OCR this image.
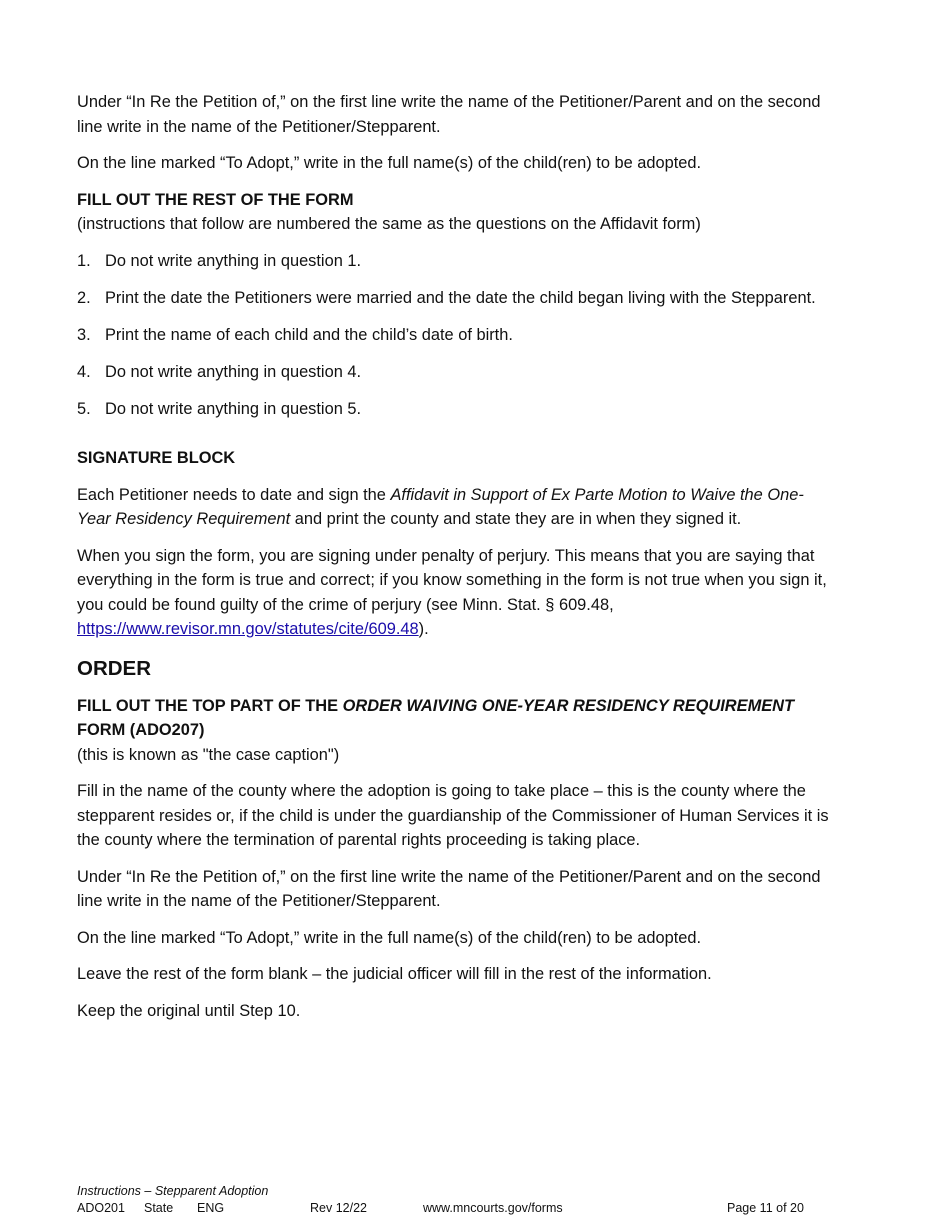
Under “In Re the Petition of,” on the first line write the name of the Petitioner/Parent and on the second line write in the name of the Petitioner/Stepparent.

On the line marked “To Adopt,” write in the full name(s) of the child(ren) to be adopted.

FILL OUT THE REST OF THE FORM

(instructions that follow are numbered the same as the questions on the Affidavit form)

1. Do not write anything in question 1.
2. Print the date the Petitioners were married and the date the child began living with the Stepparent.
3. Print the name of each child and the child’s date of birth.
4. Do not write anything in question 4.
5. Do not write anything in question 5.

SIGNATURE BLOCK

Each Petitioner needs to date and sign the Affidavit in Support of Ex Parte Motion to Waive the One-Year Residency Requirement and print the county and state they are in when they signed it.

When you sign the form, you are signing under penalty of perjury. This means that you are saying that everything in the form is true and correct; if you know something in the form is not true when you sign it, you could be found guilty of the crime of perjury (see Minn. Stat. § 609.48, https://www.revisor.mn.gov/statutes/cite/609.48).

ORDER

FILL OUT THE TOP PART OF THE ORDER WAIVING ONE-YEAR RESIDENCY REQUIREMENT FORM (ADO207)

(this is known as "the case caption")

Fill in the name of the county where the adoption is going to take place – this is the county where the stepparent resides or, if the child is under the guardianship of the Commissioner of Human Services it is the county where the termination of parental rights proceeding is taking place.

Under “In Re the Petition of,” on the first line write the name of the Petitioner/Parent and on the second line write in the name of the Petitioner/Stepparent.

On the line marked “To Adopt,” write in the full name(s) of the child(ren) to be adopted.

Leave the rest of the form blank – the judicial officer will fill in the rest of the information.

Keep the original until Step 10.

Instructions – Stepparent Adoption
ADO201 State ENG	Rev 12/22	www.mncourts.gov/forms	Page 11 of 20
